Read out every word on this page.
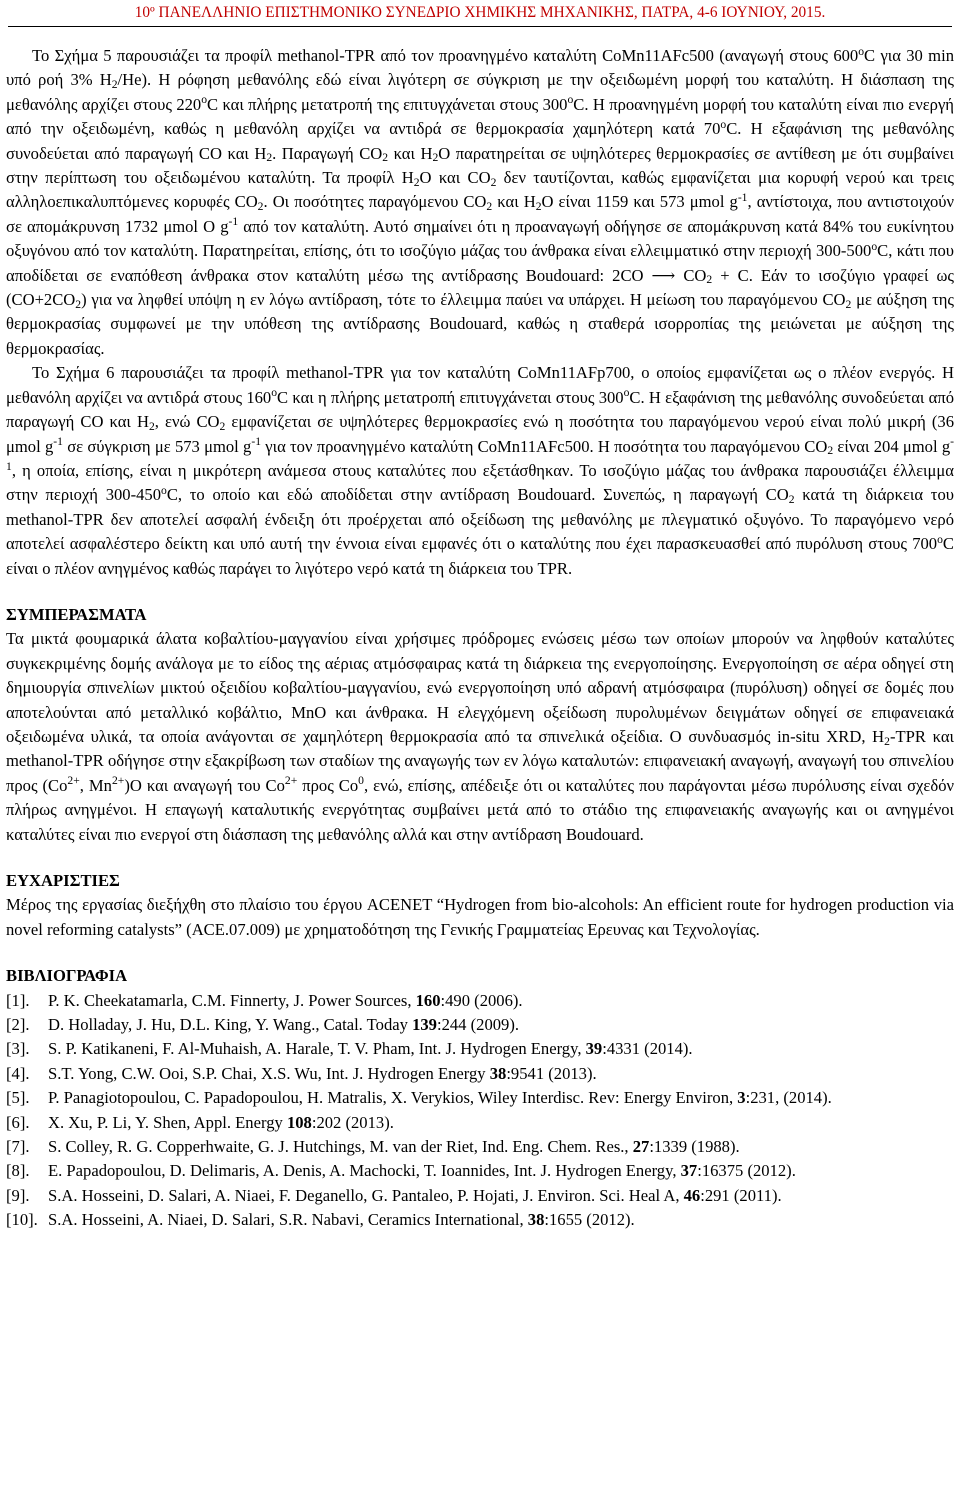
10º ΠΑΝΕΛΛΗΝΙΟ ΕΠΙΣΤΗΜΟΝΙΚΟ ΣΥΝΕΔΡΙΟ ΧΗΜΙΚΗΣ ΜΗΧΑΝΙΚΗΣ, ΠΑΤΡΑ, 4-6 ΙΟΥΝΙΟΥ, 2015.

Το Σχήμα 5 παρουσιάζει τα προφίλ methanol-TPR από τον προανηγμένο καταλύτη CoMn11AFc500 (αναγωγή στους 600$^o$C για 30 min υπό ροή 3% $H_2/He$). Η ρόφηση μεθανόλης εδώ είναι λιγότερη σε σύγκριση με την οξειδωμένη μορφή του καταλύτη. Η διάσπαση της μεθανόλης αρχίζει στους 220$^o$C και πλήρης μετατροπή της επιτυγχάνεται στους 300$^o$C. Η προανηγμένη μορφή του καταλύτη είναι πιο ενεργή από την οξειδωμένη, καθώς η μεθανόλη αρχίζει να αντιδρά σε θερμοκρασία χαμηλότερη κατά 70$^o$C. Η εξαφάνιση της μεθανόλης συνοδεύεται από παραγωγή CO και $H_2$. Παραγωγή $CO_2$ και $H_2O$ παρατηρείται σε υψηλότερες θερμοκρασίες σε αντίθεση με ότι συμβαίνει στην περίπτωση του οξειδωμένου καταλύτη. Τα προφίλ $H_2O$ και $CO_2$ δεν ταυτίζονται, καθώς εμφανίζεται μια κορυφή νερού και τρεις αλληλοεπικαλυπτόμενες κορυφές $CO_2$. Οι ποσότητες παραγόμενου $CO_2$ και $H_2O$ είναι 1159 και 573 μmol $g^{-1}$, αντίστοιχα, που αντιστοιχούν σε απομάκρυνση 1732 μmol O $g^{-1}$ από τον καταλύτη. Αυτό σημαίνει ότι η προαναγωγή οδήγησε σε απομάκρυνση κατά 84% του ευκίνητου οξυγόνου από τον καταλύτη. Παρατηρείται, επίσης, ότι το ισοζύγιο μάζας του άνθρακα είναι ελλειμματικό στην περιοχή 300-500$^o$C, κάτι που αποδίδεται σε εναπόθεση άνθρακα στον καταλύτη μέσω της αντίδρασης Boudouard: 2CO ⟶ $CO_2 + C$. Εάν το ισοζύγιο γραφεί ως $(CO+2CO_2)$ για να ληφθεί υπόψη η εν λόγω αντίδραση, τότε το έλλειμμα παύει να υπάρχει. Η μείωση του παραγόμενου $CO_2$ με αύξηση της θερμοκρασίας συμφωνεί με την υπόθεση της αντίδρασης Boudouard, καθώς η σταθερά ισορροπίας της μειώνεται με αύξηση της θερμοκρασίας.

Το Σχήμα 6 παρουσιάζει τα προφίλ methanol-TPR για τον καταλύτη CoMn11AFp700, ο οποίος εμφανίζεται ως ο πλέον ενεργός. Η μεθανόλη αρχίζει να αντιδρά στους 160$^o$C και η πλήρης μετατροπή επιτυγχάνεται στους 300$^o$C. Η εξαφάνιση της μεθανόλης συνοδεύεται από παραγωγή CO και $H_2$, ενώ $CO_2$ εμφανίζεται σε υψηλότερες θερμοκρασίες ενώ η ποσότητα του παραγόμενου νερού είναι πολύ μικρή (36 μmol $g^{-1}$ σε σύγκριση με 573 μmol $g^{-1}$ για τον προανηγμένο καταλύτη CoMn11AFc500. Η ποσότητα του παραγόμενου $CO_2$ είναι 204 μmol $g^{-1}$, η οποία, επίσης, είναι η μικρότερη ανάμεσα στους καταλύτες που εξετάσθηκαν. Το ισοζύγιο μάζας του άνθρακα παρουσιάζει έλλειμμα στην περιοχή 300-450$^o$C, το οποίο και εδώ αποδίδεται στην αντίδραση Boudouard. Συνεπώς, η παραγωγή $CO_2$ κατά τη διάρκεια του methanol-TPR δεν αποτελεί ασφαλή ένδειξη ότι προέρχεται από οξείδωση της μεθανόλης με πλεγματικό οξυγόνο. Το παραγόμενο νερό αποτελεί ασφαλέστερο δείκτη και υπό αυτή την έννοια είναι εμφανές ότι ο καταλύτης που έχει παρασκευασθεί από πυρόλυση στους 700$^o$C είναι ο πλέον ανηγμένος καθώς παράγει το λιγότερο νερό κατά τη διάρκεια του TPR.

ΣΥΜΠΕΡΑΣΜΑΤΑ

Τα μικτά φουμαρικά άλατα κοβαλτίου-μαγγανίου είναι χρήσιμες πρόδρομες ενώσεις μέσω των οποίων μπορούν να ληφθούν καταλύτες συγκεκριμένης δομής ανάλογα με το είδος της αέριας ατμόσφαιρας κατά τη διάρκεια της ενεργοποίησης. Ενεργοποίηση σε αέρα οδηγεί στη δημιουργία σπινελίων μικτού οξειδίου κοβαλτίου-μαγγανίου, ενώ ενεργοποίηση υπό αδρανή ατμόσφαιρα (πυρόλυση) οδηγεί σε δομές που αποτελούνται από μεταλλικό κοβάλτιο, MnO και άνθρακα. Η ελεγχόμενη οξείδωση πυρολυμένων δειγμάτων οδηγεί σε επιφανειακά οξειδωμένα υλικά, τα οποία ανάγονται σε χαμηλότερη θερμοκρασία από τα σπινελικά οξείδια. Ο συνδυασμός in-situ XRD, $H_2$-TPR και methanol-TPR οδήγησε στην εξακρίβωση των σταδίων της αναγωγής των εν λόγω καταλυτών: επιφανειακή αναγωγή, αναγωγή του σπινελίου προς ($Co^{2+}$, $Mn^{2+})O$ και αναγωγή του $Co^{2+}$ προς Co$^0$, ενώ, επίσης, απέδειξε ότι οι καταλύτες που παράγονται μέσω πυρόλυσης είναι σχεδόν πλήρως ανηγμένοι. Η επαγωγή καταλυτικής ενεργότητας συμβαίνει μετά από το στάδιο της επιφανειακής αναγωγής και οι ανηγμένοι καταλύτες είναι πιο ενεργοί στη διάσπαση της μεθανόλης αλλά και στην αντίδραση Boudouard.

ΕΥΧΑΡΙΣΤΙΕΣ

Μέρος της εργασίας διεξήχθη στο πλαίσιο του έργου ACENET “Hydrogen from bio-alcohols: An efficient route for hydrogen production via novel reforming catalysts” (ACE.07.009) με χρηματοδότηση της Γενικής Γραμματείας Ερευνας και Τεχνολογίας.

ΒΙΒΛΙΟΓΡΑΦΙΑ

[1]. P. K. Cheekatamarla, C.M. Finnerty, J. Power Sources, 160:490 (2006).
[2]. D. Holladay, J. Hu, D.L. King, Y. Wang., Catal. Today 139:244 (2009).
[3]. S. P. Katikaneni, F. Al-Muhaish, A. Harale, T. V. Pham, Int. J. Hydrogen Energy, 39:4331 (2014).
[4]. S.T. Yong, C.W. Ooi, S.P. Chai, X.S. Wu, Int. J. Hydrogen Energy 38:9541 (2013).
[5]. P. Panagiotopoulou, C. Papadopoulou, H. Matralis, X. Verykios, Wiley Interdisc. Rev: Energy Environ, 3:231, (2014).
[6]. X. Xu, P. Li, Y. Shen, Appl. Energy 108:202 (2013).
[7]. S. Colley, R. G. Copperhwaite, G. J. Hutchings, M. van der Riet, Ind. Eng. Chem. Res., 27:1339 (1988).
[8]. E. Papadopoulou, D. Delimaris, A. Denis, A. Machocki, T. Ioannides, Int. J. Hydrogen Energy, 37:16375 (2012).
[9]. S.A. Hosseini, D. Salari, A. Niaei, F. Deganello, G. Pantaleo, P. Hojati, J. Environ. Sci. Heal A, 46:291 (2011).
[10]. S.A. Hosseini, A. Niaei, D. Salari, S.R. Nabavi, Ceramics International, 38:1655 (2012).
